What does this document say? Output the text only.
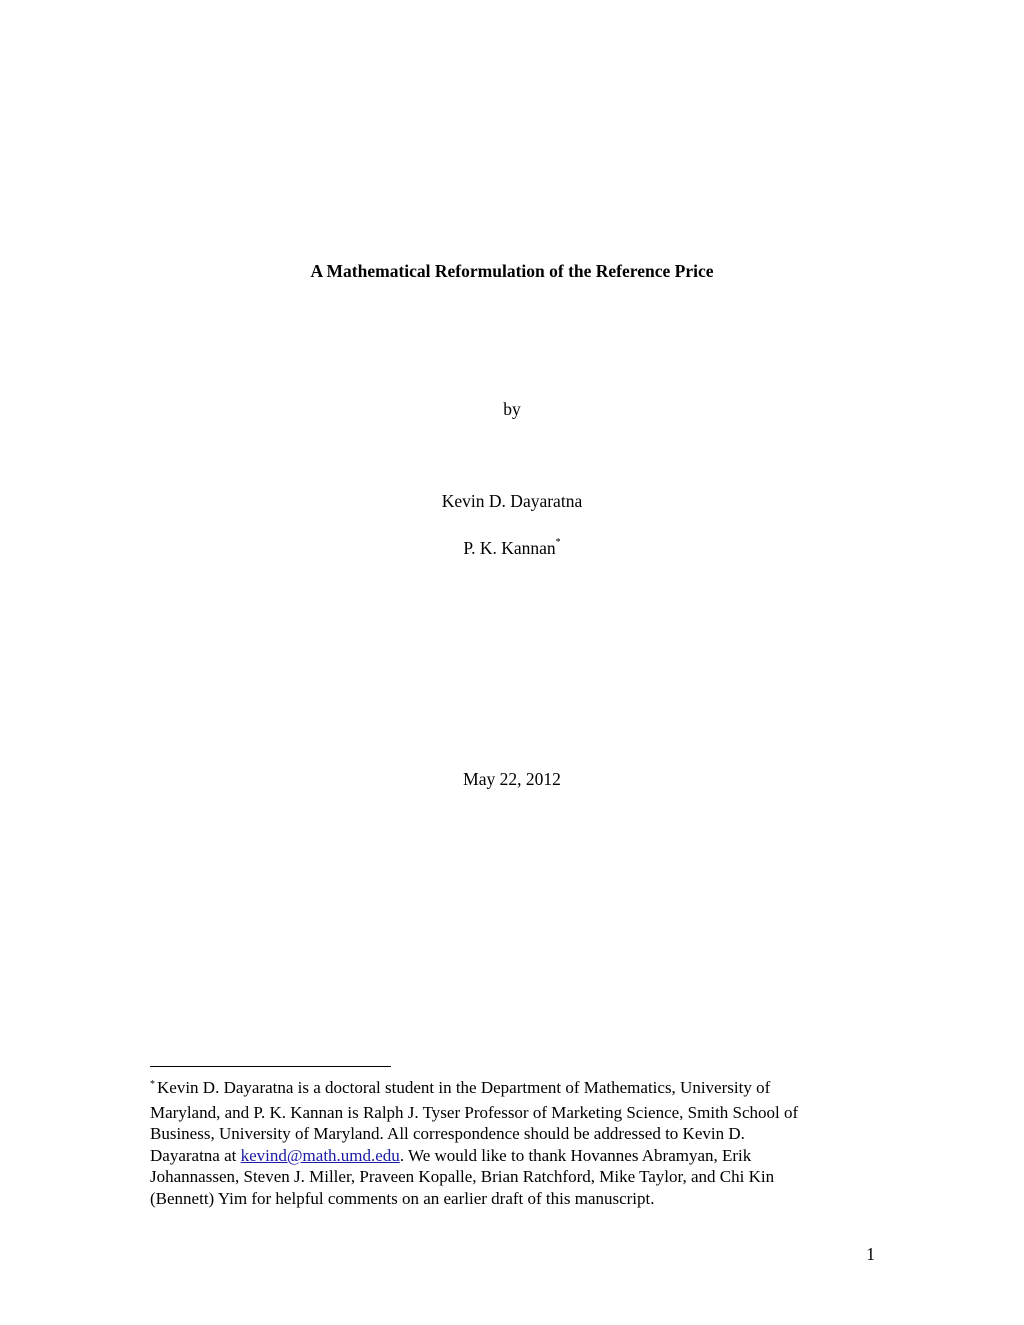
A Mathematical Reformulation of the Reference Price
by
Kevin D. Dayaratna
P. K. Kannan*
May 22, 2012
* Kevin D. Dayaratna is a doctoral student in the Department of Mathematics, University of
Maryland, and P. K. Kannan is Ralph J. Tyser Professor of Marketing Science, Smith School of
Business, University of Maryland. All correspondence should be addressed to Kevin D.
Dayaratna at kevind@math.umd.edu. We would like to thank Hovannes Abramyan, Erik
Johannassen, Steven J. Miller, Praveen Kopalle, Brian Ratchford, Mike Taylor, and Chi Kin
(Bennett) Yim for helpful comments on an earlier draft of this manuscript.
1
